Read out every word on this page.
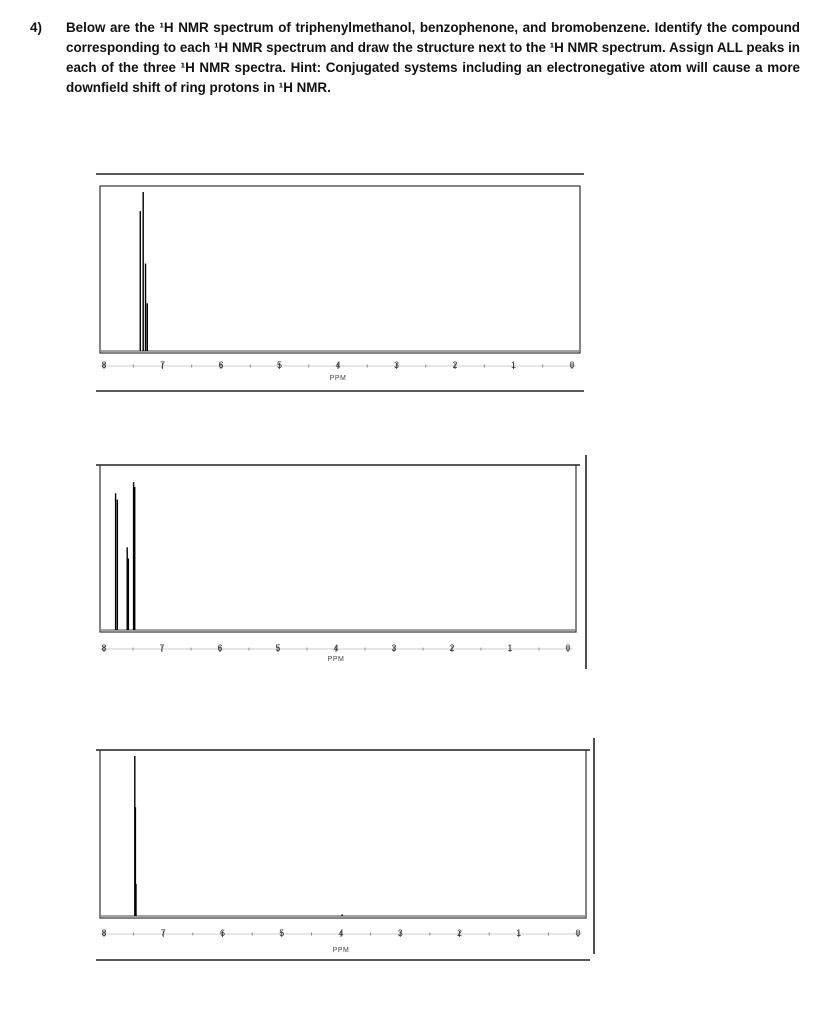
4) Below are the ¹H NMR spectrum of triphenylmethanol, benzophenone, and bromobenzene. Identify the compound corresponding to each ¹H NMR spectrum and draw the structure next to the ¹H NMR spectrum. Assign ALL peaks in each of the three ¹H NMR spectra. Hint: Conjugated systems including an electronegative atom will cause a more downfield shift of ring protons in ¹H NMR.
8	7	6	5	4	3	2	1	0
PPM
8	7	6	5	4	3	2	1	0
PPM
8	7	6	5	4	3	2	1	0
PPM
